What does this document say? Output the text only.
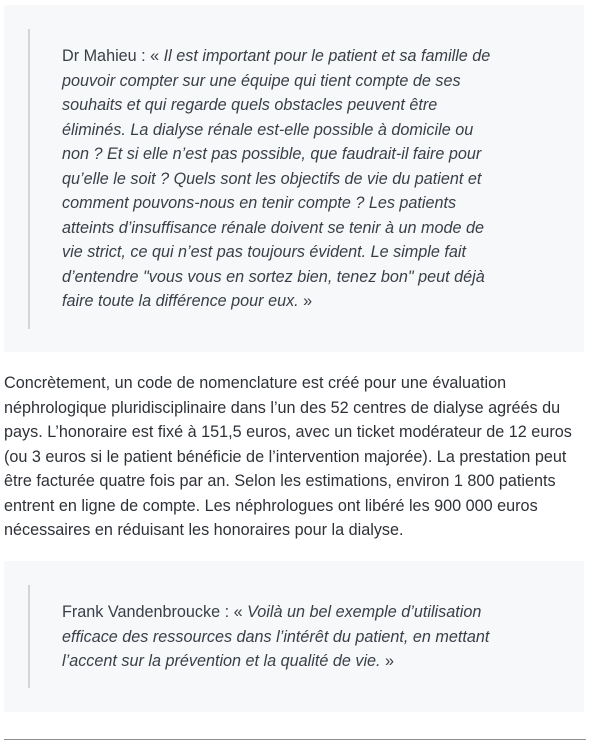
Dr Mahieu : « Il est important pour le patient et sa famille de pouvoir compter sur une équipe qui tient compte de ses souhaits et qui regarde quels obstacles peuvent être éliminés. La dialyse rénale est-elle possible à domicile ou non ? Et si elle n’est pas possible, que faudrait-il faire pour qu’elle le soit ? Quels sont les objectifs de vie du patient et comment pouvons-nous en tenir compte ? Les patients atteints d’insuffisance rénale doivent se tenir à un mode de vie strict, ce qui n’est pas toujours évident. Le simple fait d’entendre "vous vous en sortez bien, tenez bon" peut déjà faire toute la différence pour eux. »
Concrètement, un code de nomenclature est créé pour une évaluation néphrologique pluridisciplinaire dans l’un des 52 centres de dialyse agréés du pays. L’honoraire est fixé à 151,5 euros, avec un ticket modérateur de 12 euros (ou 3 euros si le patient bénéficie de l’intervention majorée). La prestation peut être facturée quatre fois par an. Selon les estimations, environ 1 800 patients entrent en ligne de compte. Les néphrologues ont libéré les 900 000 euros nécessaires en réduisant les honoraires pour la dialyse.
Frank Vandenbroucke : « Voilà un bel exemple d’utilisation efficace des ressources dans l’intérêt du patient, en mettant l’accent sur la prévention et la qualité de vie. »
